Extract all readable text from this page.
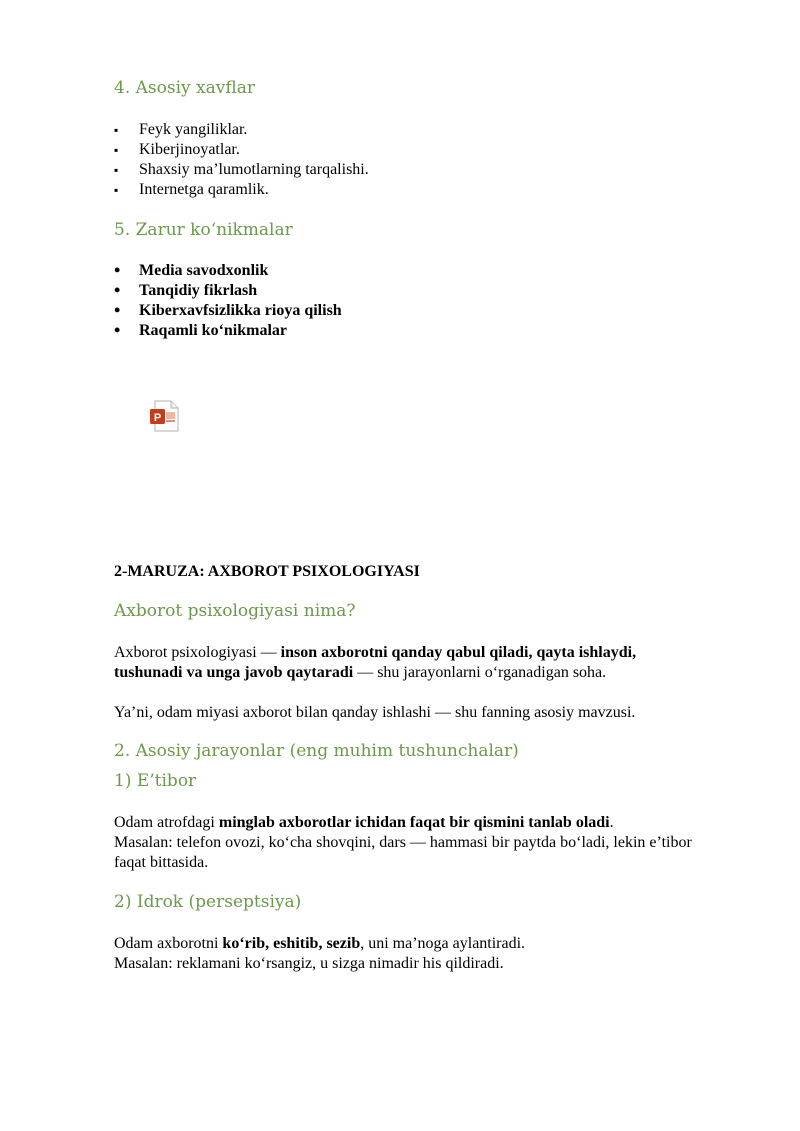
4. Asosiy xavflar
▪ Feyk yangiliklar.
▪ Kiberjinoyatlar.
▪ Shaxsiy ma’lumotlarning tarqalishi.
▪ Internetga qaramlik.
5. Zarur ko‘nikmalar
• Media savodxonlik
• Tanqidiy fikrlash
• Kiberxavfsizlikka rioya qilish
• Raqamli ko‘nikmalar
P
2-MARUZA: AXBOROT PSIXOLOGIYASI
Axborot psixologiyasi nima?

Axborot psixologiyasi — inson axborotni qanday qabul qiladi, qayta ishlaydi, tushunadi va unga javob qaytaradi — shu jarayonlarni o‘rganadigan soha.

Ya’ni, odam miyasi axborot bilan qanday ishlashi — shu fanning asosiy mavzusi.

2. Asosiy jarayonlar (eng muhim tushunchalar)
1) E’tibor

Odam atrofdagi minglab axborotlar ichidan faqat bir qismini tanlab oladi.
Masalan: telefon ovozi, ko‘cha shovqini, dars — hammasi bir paytda bo‘ladi, lekin e’tibor faqat bittasida.

2) Idrok (perseptsiya)

Odam axborotni ko‘rib, eshitib, sezib, uni ma’noga aylantiradi.
Masalan: reklamani ko‘rsangiz, u sizga nimadir his qildiradi.
